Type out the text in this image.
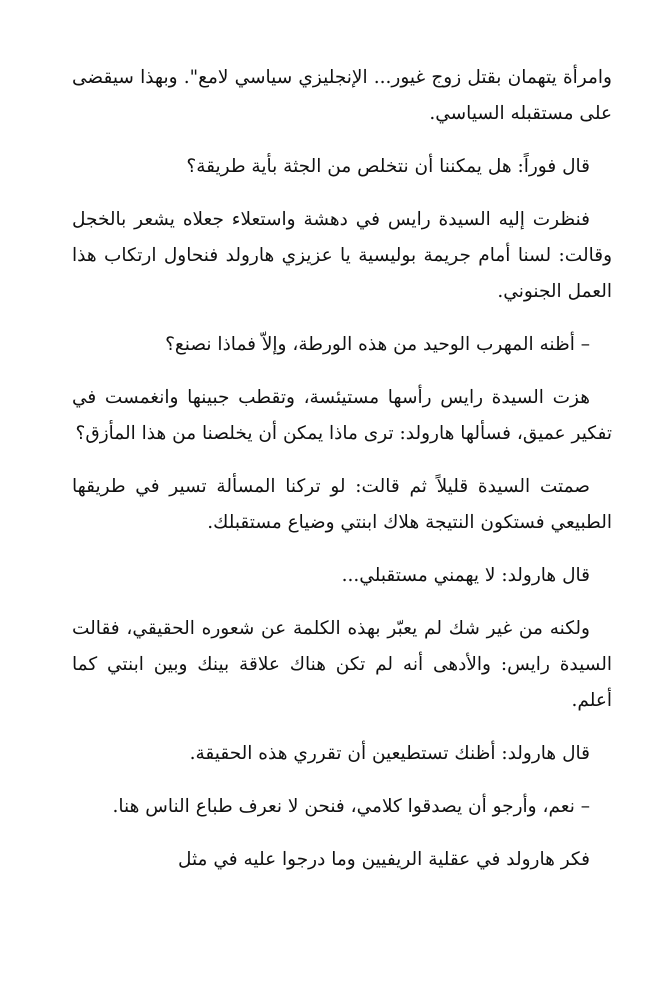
وامرأة يتهمان بقتل زوج غيور... الإنجليزي سياسي لامع". وبهذا سيقضى على مستقبله السياسي.

قال فوراً: هل يمكننا أن نتخلص من الجثة بأية طريقة؟

فنظرت إليه السيدة رايس في دهشة واستعلاء جعلاه يشعر بالخجل وقالت: لسنا أمام جريمة بوليسية يا عزيزي هارولد فنحاول ارتكاب هذا العمل الجنوني.

– أظنه المهرب الوحيد من هذه الورطة، وإلاّ فماذا نصنع؟

هزت السيدة رايس رأسها مستيئسة، وتقطب جبينها وانغمست في تفكير عميق، فسألها هارولد: ترى ماذا يمكن أن يخلصنا من هذا المأزق؟

صمتت السيدة قليلاً ثم قالت: لو تركنا المسألة تسير في طريقها الطبيعي فستكون النتيجة هلاك ابنتي وضياع مستقبلك.

قال هارولد: لا يهمني مستقبلي...

ولكنه من غير شك لم يعبّر بهذه الكلمة عن شعوره الحقيقي، فقالت السيدة رايس: والأدهى أنه لم تكن هناك علاقة بينك وبين ابنتي كما أعلم.

قال هارولد: أظنك تستطيعين أن تقرري هذه الحقيقة.

– نعم، وأرجو أن يصدقوا كلامي، فنحن لا نعرف طباع الناس هنا.

فكر هارولد في عقلية الريفيين وما درجوا عليه في مثل
